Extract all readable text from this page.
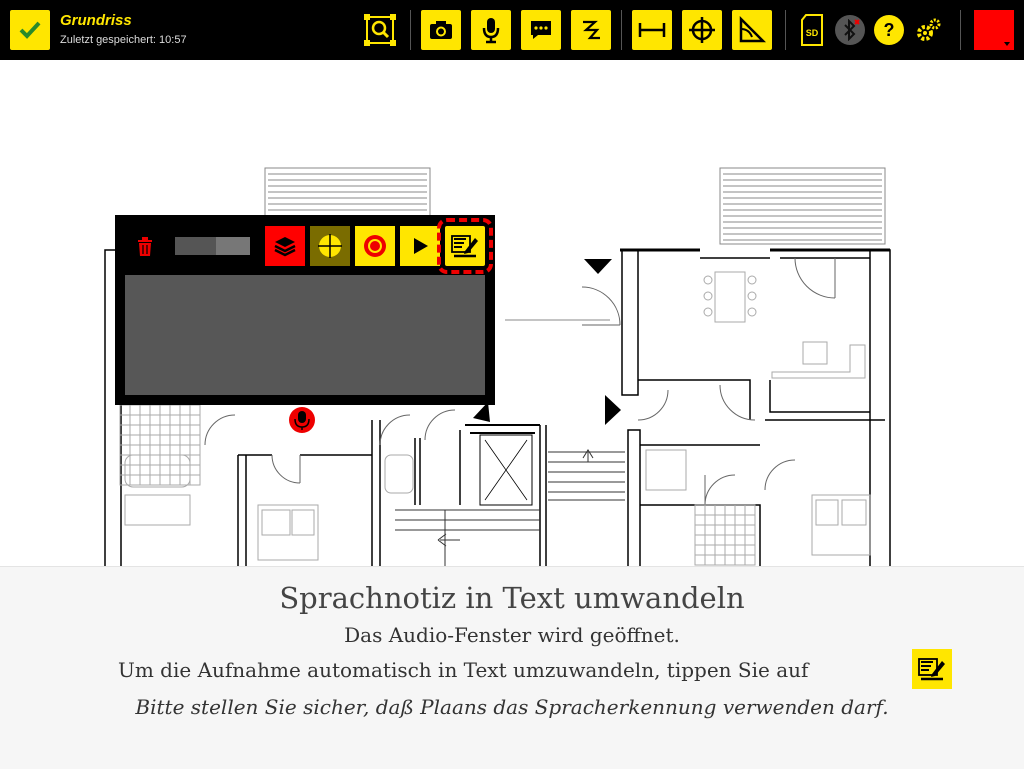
Grundriss
Zuletzt gespeichert: 10:57
SD	?
Sprachnotiz in Text umwandeln
Das Audio-Fenster wird geöffnet.
Um die Aufnahme automatisch in Text umzuwandeln, tippen Sie auf
Bitte stellen Sie sicher, daß Plaans das Spracherkennung verwenden darf.
